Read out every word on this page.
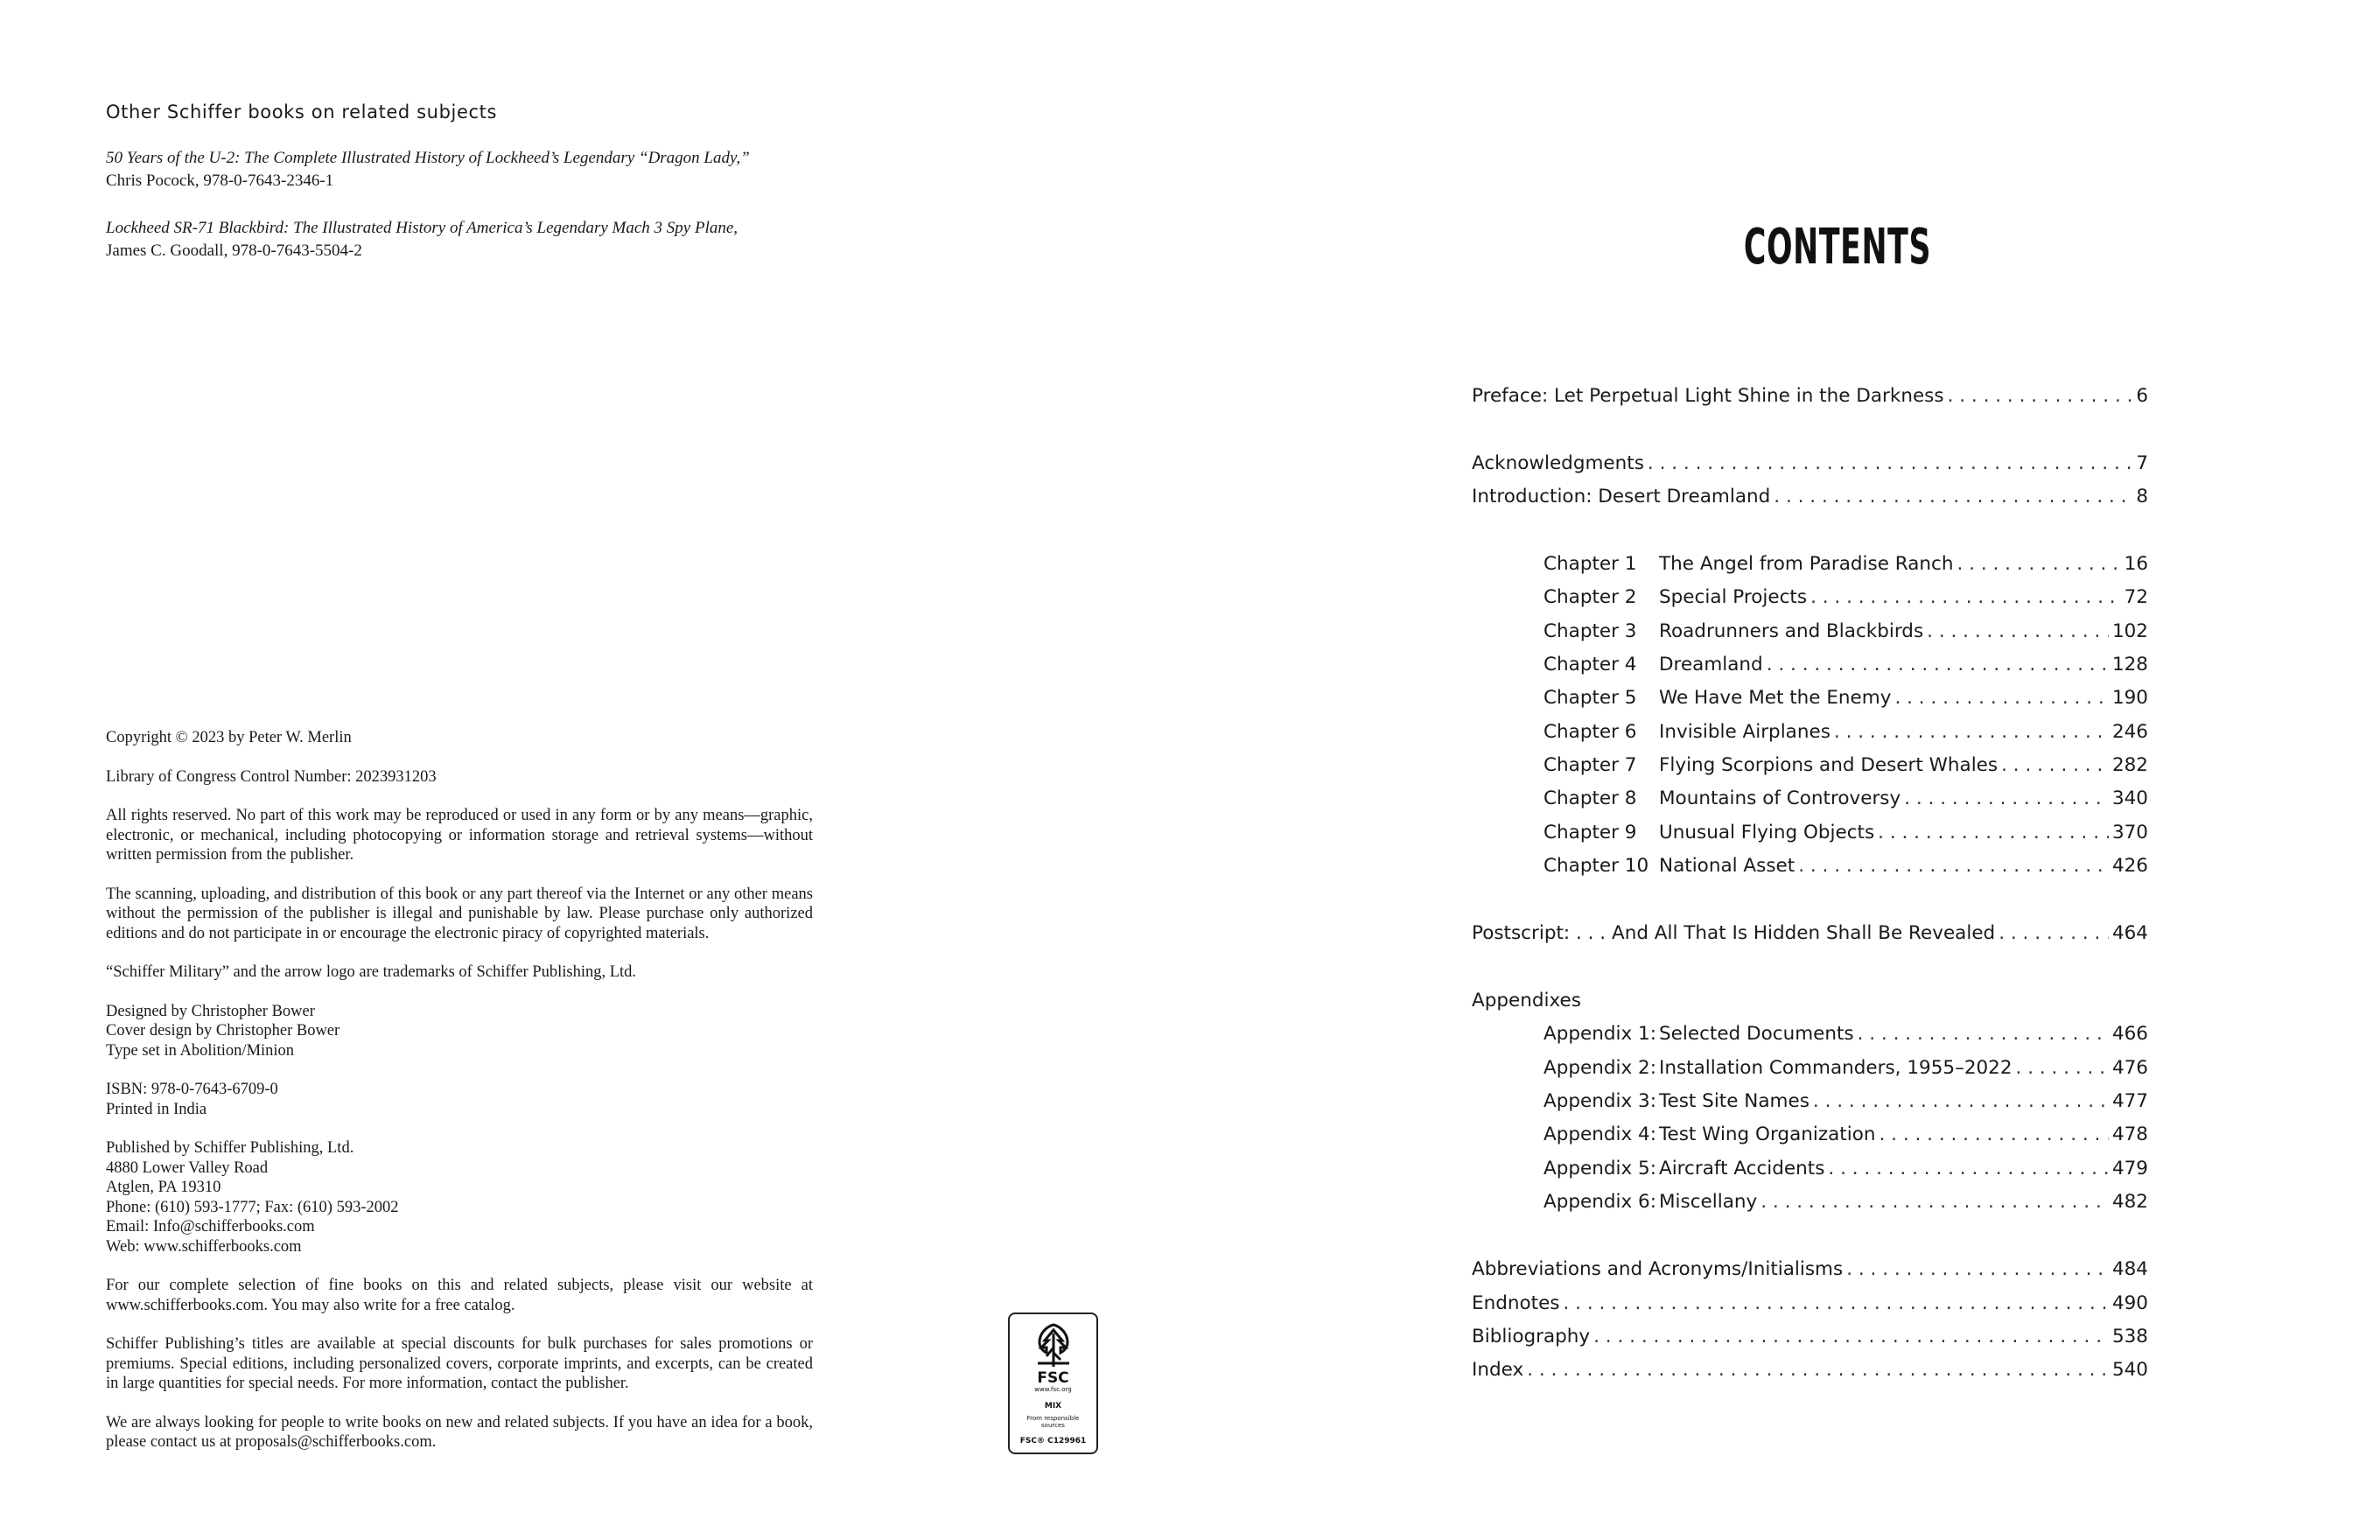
Other Schiffer books on related subjects
50 Years of the U-2: The Complete Illustrated History of Lockheed’s Legendary “Dragon Lady,”
Chris Pocock, 978-0-7643-2346-1
Lockheed SR-71 Blackbird: The Illustrated History of America’s Legendary Mach 3 Spy Plane,
James C. Goodall, 978-0-7643-5504-2

Copyright © 2023 by Peter W. Merlin

Library of Congress Control Number: 2023931203

All rights reserved. No part of this work may be reproduced or used in any form or by any means—graphic, electronic, or mechanical, including photocopying or information storage and retrieval systems—without written permission from the publisher.

The scanning, uploading, and distribution of this book or any part thereof via the Internet or any other means without the permission of the publisher is illegal and punishable by law. Please purchase only authorized editions and do not participate in or encourage the electronic piracy of copyrighted materials.

“Schiffer Military” and the arrow logo are trademarks of Schiffer Publishing, Ltd.

Designed by Christopher Bower
Cover design by Christopher Bower
Type set in Abolition/Minion

ISBN: 978-0-7643-6709-0
Printed in India

Published by Schiffer Publishing, Ltd.
4880 Lower Valley Road
Atglen, PA 19310
Phone: (610) 593-1777; Fax: (610) 593-2002
Email: Info@schifferbooks.com
Web: www.schifferbooks.com

For our complete selection of fine books on this and related subjects, please visit our website at www.schifferbooks.com. You may also write for a free catalog.

Schiffer Publishing’s titles are available at special discounts for bulk purchases for sales promotions or premiums. Special editions, including personalized covers, corporate imprints, and excerpts, can be created in large quantities for special needs. For more information, contact the publisher.

We are always looking for people to write books on new and related subjects. If you have an idea for a book, please contact us at proposals@schifferbooks.com.

FSC
www.fsc.org
MIX
From responsible
sources
FSC® C129961
CONTENTS
Preface: Let Perpetual Light Shine in the Darkness . . .	6
Acknowledgments . . .	7
Introduction: Desert Dreamland . . .	8
Chapter 1	The Angel from Paradise Ranch . . .	16
Chapter 2	Special Projects . . .	72
Chapter 3	Roadrunners and Blackbirds . . .	102
Chapter 4	Dreamland . . .	128
Chapter 5	We Have Met the Enemy . . .	190
Chapter 6	Invisible Airplanes . . .	246
Chapter 7	Flying Scorpions and Desert Whales . . .	282
Chapter 8	Mountains of Controversy . . .	340
Chapter 9	Unusual Flying Objects . . .	370
Chapter 10 National Asset . . .	426
Postscript: . . . And All That Is Hidden Shall Be Revealed . . .	464
Appendixes
Appendix 1: Selected Documents . . .	466
Appendix 2: Installation Commanders, 1955–2022 . . .	476
Appendix 3: Test Site Names . . .	477
Appendix 4: Test Wing Organization . . .	478
Appendix 5: Aircraft Accidents . . .	479
Appendix 6: Miscellany . . .	482
Abbreviations and Acronyms/Initialisms . . .	484
Endnotes . . .	490
Bibliography . . .	538
Index . . .	540
